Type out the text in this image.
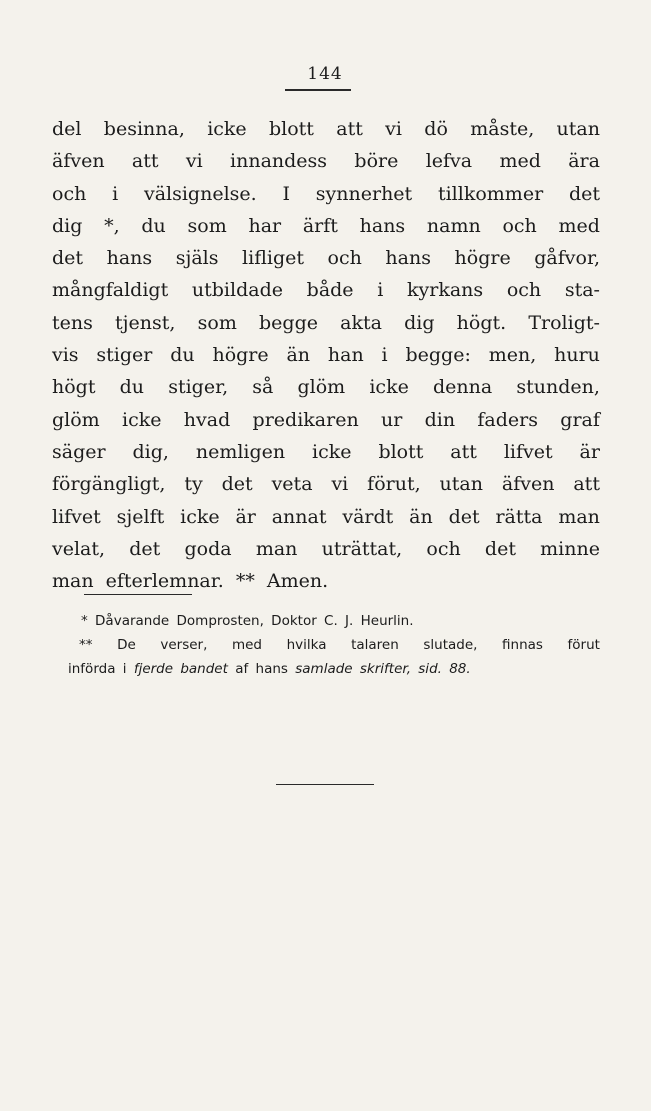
144
del besinna, icke blott att vi dö måste, utan
äfven att vi innandess böre lefva med ära
och i välsignelse. I synnerhet tillkommer det
dig *, du som har ärft hans namn och med
det hans själs lifliget och hans högre gåfvor,
mångfaldigt utbildade både i kyrkans och sta-
tens tjenst, som begge akta dig högt. Troligt-
vis stiger du högre än han i begge: men, huru
högt du stiger, så glöm icke denna stunden,
glöm icke hvad predikaren ur din faders graf
säger dig, nemligen icke blott att lifvet är
förgängligt, ty det veta vi förut, utan äfven att
lifvet sjelft icke är annat värdt än det rätta man
velat, det goda man uträttat, och det minne
man efterlemnar. ** Amen.
* Dåvarande Domprosten, Doktor C. J. Heurlin.
** De verser, med hvilka talaren slutade, finnas förut
införda i fjerde bandet af hans samlade skrifter, sid. 88.
